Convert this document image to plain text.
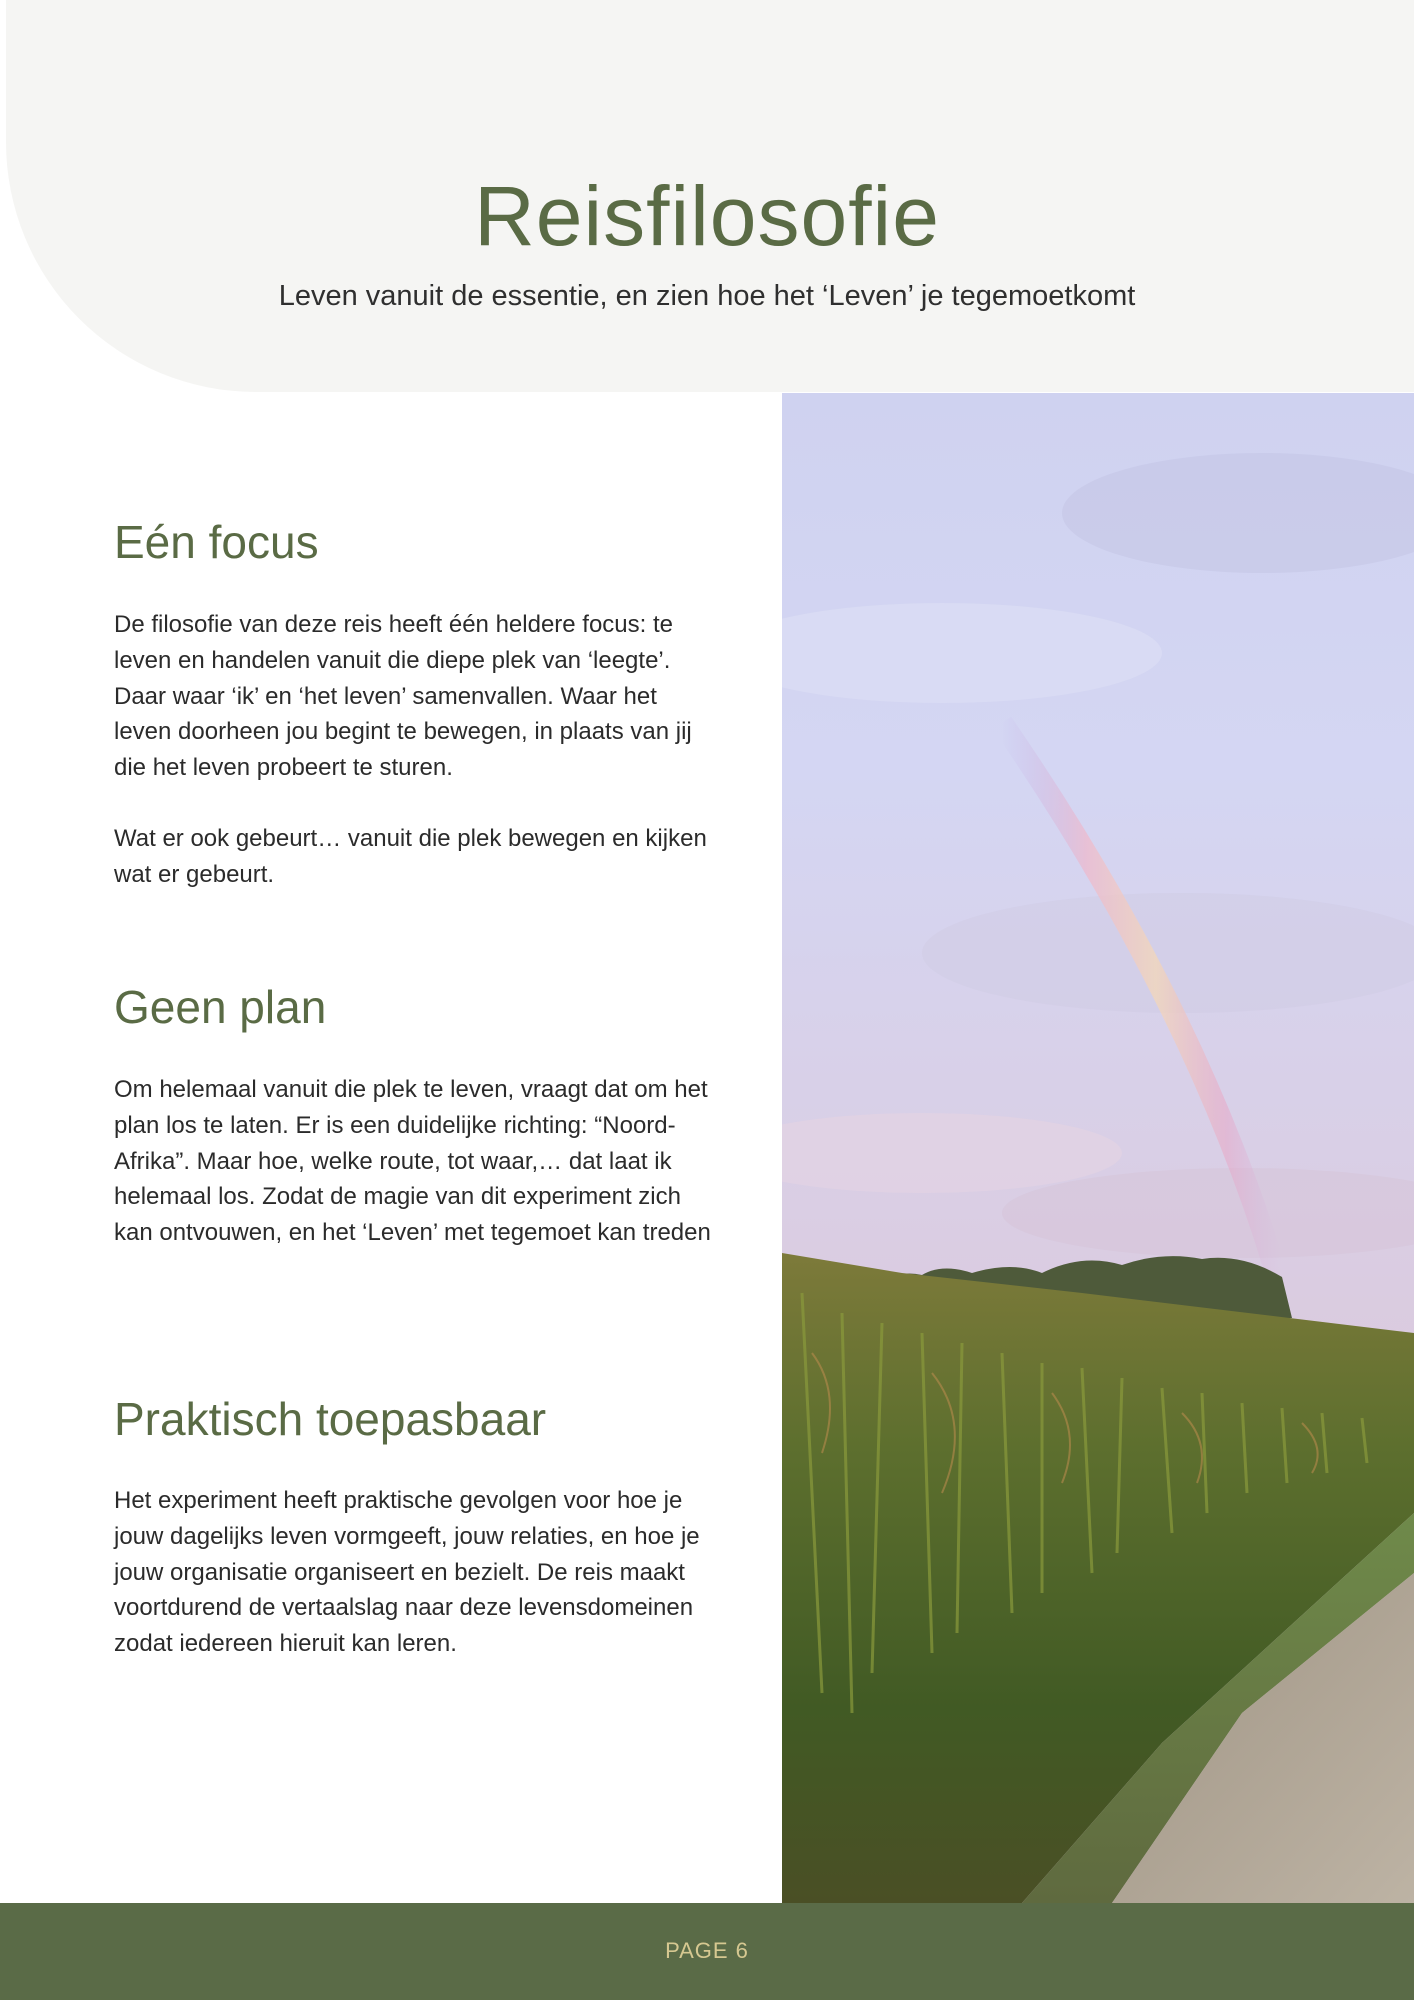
Reisfilosofie

Leven vanuit de essentie, en zien hoe het ‘Leven’ je tegemoetkomt

Eén focus

De filosofie van deze reis heeft één heldere focus: te leven en handelen vanuit die diepe plek van ‘leegte’. Daar waar ‘ik’ en ‘het leven’ samenvallen. Waar het leven doorheen jou begint te bewegen, in plaats van jij die het leven probeert te sturen.

Wat er ook gebeurt… vanuit die plek bewegen en kijken wat er gebeurt.

Geen plan

Om helemaal vanuit die plek te leven, vraagt dat om het plan los te laten. Er is een duidelijke richting: “Noord-Afrika”. Maar hoe, welke route, tot waar,… dat laat ik helemaal los. Zodat de magie van dit experiment zich kan ontvouwen, en het ‘Leven’ met tegemoet kan treden

Praktisch toepasbaar

Het experiment heeft praktische gevolgen voor hoe je jouw dagelijks leven vormgeeft, jouw relaties, en hoe je jouw organisatie organiseert en bezielt. De reis maakt voortdurend de vertaalslag naar deze levensdomeinen zodat iedereen hieruit kan leren.

PAGE 6
